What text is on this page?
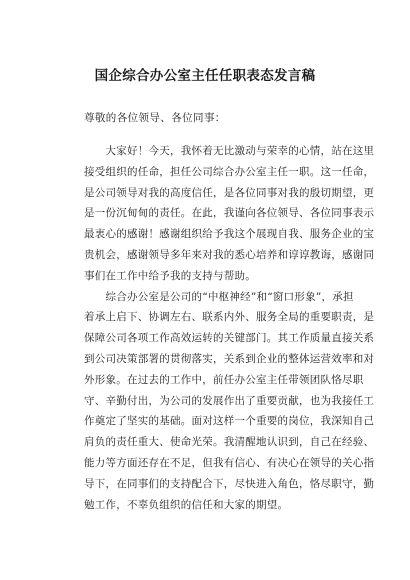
国企综合办公室主任任职表态发言稿
尊敬的各位领导、各位同事：
　　大家好！今天，我怀着无比激动与荣幸的心情，站在这里
接受组织的任命，担任公司综合办公室主任一职。这一任命，
是公司领导对我的高度信任，是各位同事对我的殷切期望，更
是一份沉甸甸的责任。在此，我谨向各位领导、各位同事表示
最衷心的感谢！感谢组织给予我这个展现自我、服务企业的宝
贵机会，感谢领导多年来对我的悉心培养和谆谆教诲，感谢同
事们在工作中给予我的支持与帮助。
　　综合办公室是公司的“中枢神经”和“窗口形象”，承担
着承上启下、协调左右、联系内外、服务全局的重要职责，是
保障公司各项工作高效运转的关键部门。其工作质量直接关系
到公司决策部署的贯彻落实，关系到企业的整体运营效率和对
外形象。在过去的工作中，前任办公室主任带领团队恪尽职
守、辛勤付出，为公司的发展作出了重要贡献，也为我接任工
作奠定了坚实的基础。面对这样一个重要的岗位，我深知自己
肩负的责任重大、使命光荣。我清醒地认识到，自己在经验、
能力等方面还存在不足，但我有信心、有决心在领导的关心指
导下，在同事们的支持配合下，尽快进入角色，恪尽职守，勤
勉工作，不辜负组织的信任和大家的期望。
